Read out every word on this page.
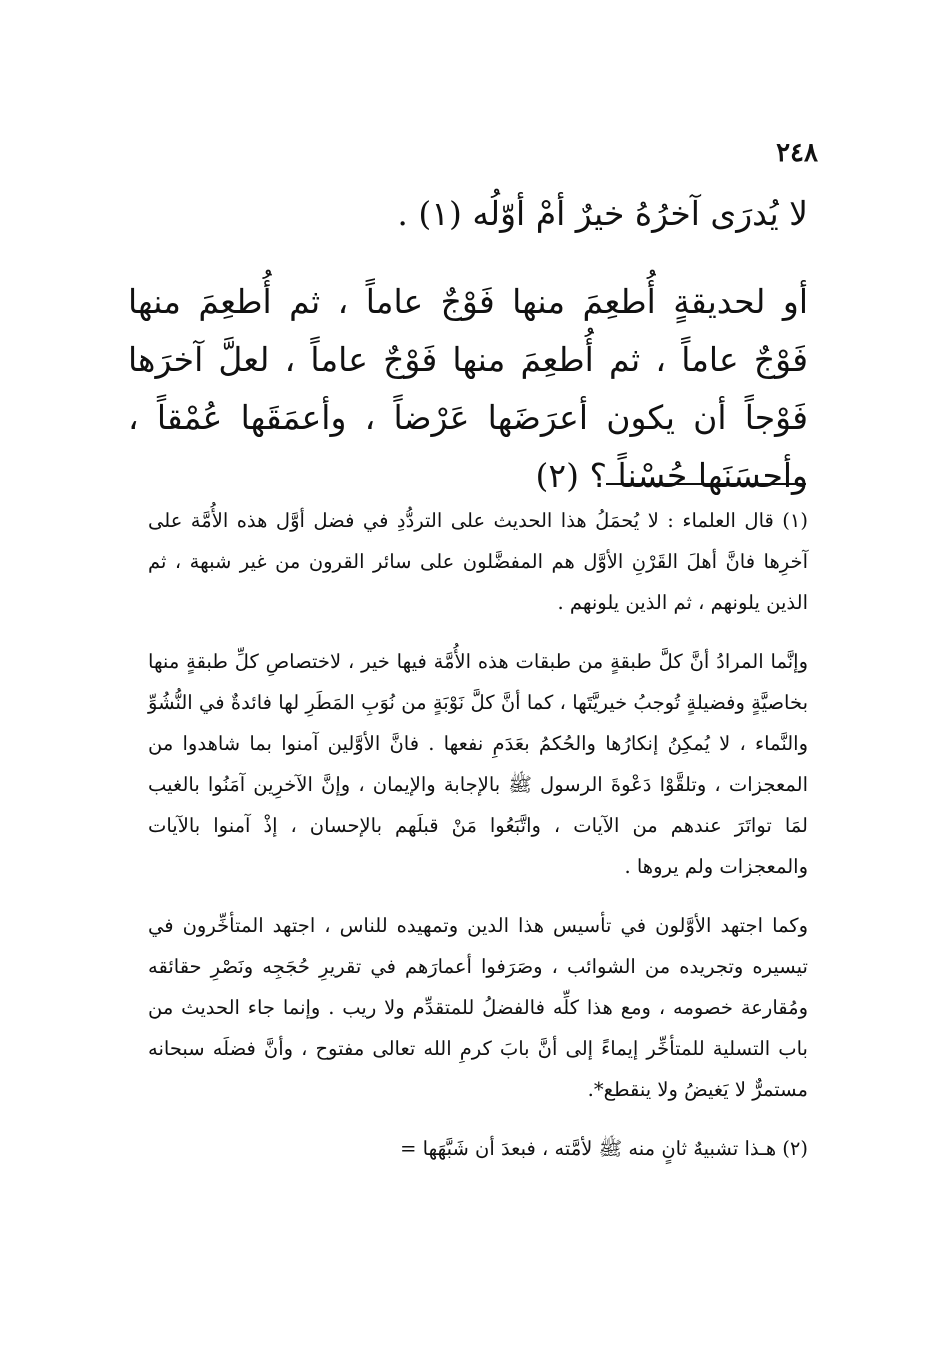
٢٤٨

لا يُدرَى آخرُهُ خيرٌ أمْ أوّلُه (١) .

أو لحديقةٍ أُطعِمَ منها فَوْجٌ عاماً ، ثم أُطعِمَ منها فَوْجٌ عاماً ، ثم أُطعِمَ منها فَوْجٌ عاماً ، لعلَّ آخرَها فَوْجاً أن يكون أعرَضَها عَرْضاً ، وأعمَقَها عُمْقاً ، وأحسَنَها حُسْناً ؟ (٢)

(١) قال العلماء : لا يُحمَلُ هذا الحديث على التردُّدِ في فضل أوَّل هذه الأُمَّة على آخرِها فانَّ أهلَ القَرْنِ الأوَّل هم المفضَّلون على سائر القرون من غير شبهة ، ثم الذين يلونهم ، ثم الذين يلونهم .

وإنَّما المرادُ أنَّ كلَّ طبقةٍ من طبقات هذه الأُمَّة فيها خير ، لاختصاصِ كلِّ طبقةٍ منها بخاصيَّةٍ وفضيلةٍ تُوجبُ خيريَّتَها ، كما أنَّ كلَّ نَوْبَةٍ من نُوَبِ المَطَرِ لها فائدةٌ في النُّشُوِّ والنَّماء ، لا يُمكِنُ إنكارُها والحُكمُ بعَدَمِ نفعها . فانَّ الأوَّلين آمنوا بما شاهدوا من المعجزات ، وتلقَّوْا دَعْوةَ الرسول ﷺ بالإجابة والإيمان ، وإنَّ الآخرِين آمَنُوا بالغيب لمَا تواتَرَ عندهم من الآيات ، واتَّبَعُوا مَنْ قبلَهم بالإحسان ، إذْ آمنوا بالآيات والمعجزات ولم يروها .

وكما اجتهد الأوَّلون في تأسيس هذا الدين وتمهيده للناس ، اجتهد المتأخِّرون في تيسيره وتجريده من الشوائب ، وصَرَفوا أعمارَهم في تقريرِ حُجَجِه ونَصْرِ حقائقه ومُقارعة خصومه ، ومع هذا كلِّه فالفضلُ للمتقدِّم ولا ريب . وإنما جاء الحديث من باب التسلية للمتأخِّر إيماءً إلى أنَّ بابَ كرمِ الله تعالى مفتوح ، وأنَّ فضلَه سبحانه مستمرٌّ لا يَغيضُ ولا ينقطع*.

(٢) هـذا تشبيهٌ ثانٍ منه ﷺ لأمَّته ، فبعدَ أن شَبَّهَها =
